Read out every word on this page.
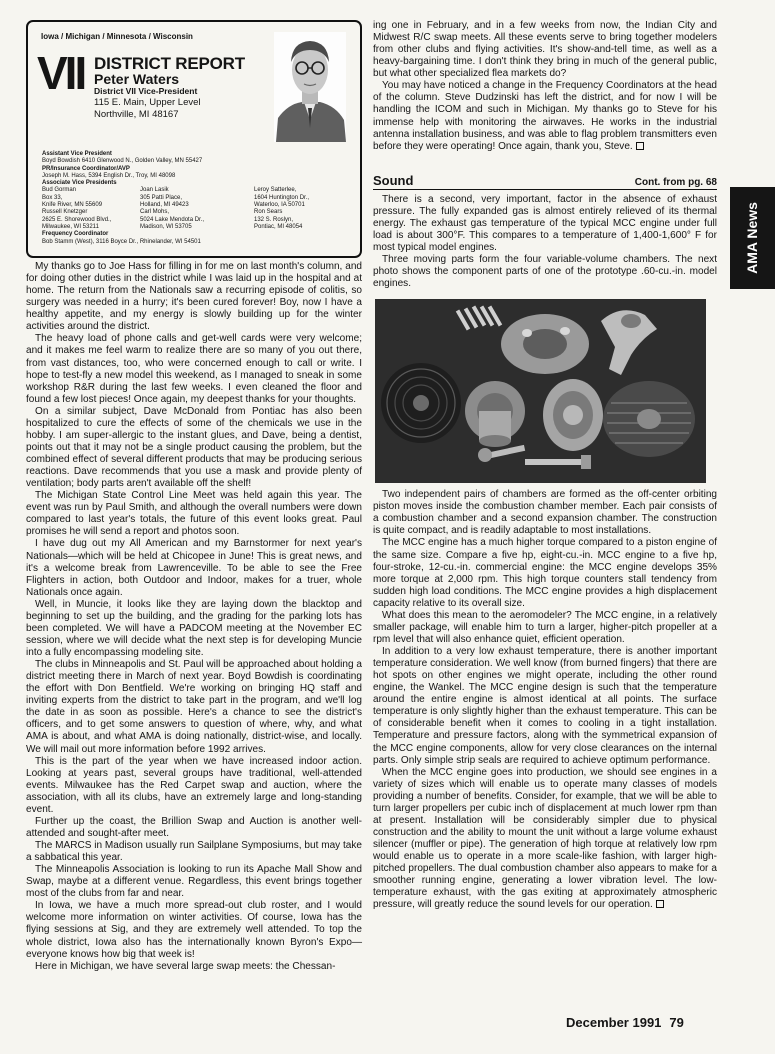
Iowa / Michigan / Minnesota / Wisconsin
VII DISTRICT REPORT
Peter Waters
District VII Vice-President
115 E. Main, Upper Level
Northville, MI 48167
Assistant Vice President
Boyd Bowdish 6410 Glenwood N., Golden Valley, MN 55427
PR/Insurance Coordinator/AVP
Joseph M. Hass, 5394 English Dr., Troy, MI 48098
Associate Vice Presidents
Bud Gorman
Box 33,
Knife River, MN 55609
Russell Knetzger
2625 E. Shorewood Blvd.,
Milwaukee, WI 53211
Joan Lasik
305 Patti Place,
Holland, MI 49423
Carl Mohs,
5024 Lake Mendota Dr.,
Madison, WI 53705
Leroy Satterlee,
1604 Huntington Dr.,
Waterloo, IA 50701
Ron Sears
132 S. Roslyn,
Pontiac, MI 48054
Frequency Coordinator
Bob Stamm (West), 3116 Boyce Dr., Rhinelander, WI 54501

My thanks go to Joe Hass for filling in for me on last month's column, and for doing other duties in the district while I was laid up in the hospital and at home. The return from the Nationals saw a recurring episode of colitis, so surgery was needed in a hurry; it's been cured forever! Boy, now I have a healthy appetite, and my energy is slowly building up for the winter activities around the district.

The heavy load of phone calls and get-well cards were very welcome; and it makes me feel warm to realize there are so many of you out there, from vast distances, too, who were concerned enough to call or write. I hope to test-fly a new model this weekend, as I managed to sneak in some workshop R&R during the last few weeks. I even cleaned the floor and found a few lost pieces! Once again, my deepest thanks for your thoughts.

On a similar subject, Dave McDonald from Pontiac has also been hospitalized to cure the effects of some of the chemicals we use in the hobby. I am super-allergic to the instant glues, and Dave, being a dentist, points out that it may not be a single product causing the problem, but the combined effect of several different products that may be producing serious reactions. Dave recommends that you use a mask and provide plenty of ventilation; body parts aren't available off the shelf!

The Michigan State Control Line Meet was held again this year. The event was run by Paul Smith, and although the overall numbers were down compared to last year's totals, the future of this event looks great. Paul promises he will send a report and photos soon.

I have dug out my All American and my Barnstormer for next year's Nationals—which will be held at Chicopee in June! This is great news, and it's a welcome break from Lawrenceville. To be able to see the Free Flighters in action, both Outdoor and Indoor, makes for a truer, whole Nationals once again.

Well, in Muncie, it looks like they are laying down the blacktop and beginning to set up the building, and the grading for the parking lots has been completed. We will have a PADCOM meeting at the November EC session, where we will decide what the next step is for developing Muncie into a fully encompassing modeling site.

The clubs in Minneapolis and St. Paul will be approached about holding a district meeting there in March of next year. Boyd Bowdish is coordinating the effort with Don Bentfield. We're working on bringing HQ staff and inviting experts from the district to take part in the program, and we'll log the date in as soon as possible. Here's a chance to see the district's officers, and to get some answers to question of where, why, and what AMA is about, and what AMA is doing nationally, district-wise, and locally. We will mail out more information before 1992 arrives.

This is the part of the year when we have increased indoor action. Looking at years past, several groups have traditional, well-attended events. Milwaukee has the Red Carpet swap and auction, where the association, with all its clubs, have an extremely large and long-standing event.

Further up the coast, the Brillion Swap and Auction is another well-attended and sought-after meet.

The MARCS in Madison usually run Sailplane Symposiums, but may take a sabbatical this year.

The Minneapolis Association is looking to run its Apache Mall Show and Swap, maybe at a different venue. Regardless, this event brings together most of the clubs from far and near.

In Iowa, we have a much more spread-out club roster, and I would welcome more information on winter activities. Of course, Iowa has the flying sessions at Sig, and they are extremely well attended. To top the whole district, Iowa also has the internationally known Byron's Expo—everyone knows how big that week is!

Here in Michigan, we have several large swap meets: the Chessan-

ing one in February, and in a few weeks from now, the Indian City and Midwest R/C swap meets. All these events serve to bring together modelers from other clubs and flying activities. It's show-and-tell time, as well as a heavy-bargaining time. I don't think they bring in much of the general public, but what other specialized flea markets do?

You may have noticed a change in the Frequency Coordinators at the head of the column. Steve Dudzinski has left the district, and for now I will be handling the ICOM and such in Michigan. My thanks go to Steve for his immense help with monitoring the airwaves. He works in the industrial antenna installation business, and was able to flag problem transmitters even before they were operating! Once again, thank you, Steve.

Sound	Cont. from pg. 68

There is a second, very important, factor in the absence of exhaust pressure. The fully expanded gas is almost entirely relieved of its thermal energy. The exhaust gas temperature of the typical MCC engine under full load is about 300°F. This compares to a temperature of 1,400-1,600° F for most typical model engines.

Three moving parts form the four variable-volume chambers. The next photo shows the component parts of one of the prototype .60-cu.-in. model engines.

Two independent pairs of chambers are formed as the off-center orbiting piston moves inside the combustion chamber member. Each pair consists of a combustion chamber and a second expansion chamber. The construction is quite compact, and is readily adaptable to most installations.

The MCC engine has a much higher torque compared to a piston engine of the same size. Compare a five hp, eight-cu.-in. MCC engine to a five hp, four-stroke, 12-cu.-in. commercial engine: the MCC engine develops 35% more torque at 2,000 rpm. This high torque counters stall tendency from sudden high load conditions. The MCC engine provides a high displacement capacity relative to its overall size.

What does this mean to the aeromodeler? The MCC engine, in a relatively smaller package, will enable him to turn a larger, higher-pitch propeller at a rpm level that will also enhance quiet, efficient operation.

In addition to a very low exhaust temperature, there is another important temperature consideration. We well know (from burned fingers) that there are hot spots on other engines we might operate, including the other round engine, the Wankel. The MCC engine design is such that the temperature around the entire engine is almost identical at all points. The surface temperature is only slightly higher than the exhaust temperature. This can be of considerable benefit when it comes to cooling in a tight installation. Temperature and pressure factors, along with the symmetrical expansion of the MCC engine components, allow for very close clearances on the internal parts. Only simple strip seals are required to achieve optimum performance.

When the MCC engine goes into production, we should see engines in a variety of sizes which will enable us to operate many classes of models providing a number of benefits. Consider, for example, that we will be able to turn larger propellers per cubic inch of displacement at much lower rpm than at present. Installation will be considerably simpler due to physical construction and the ability to mount the unit without a large volume exhaust silencer (muffler or pipe). The generation of high torque at relatively low rpm would enable us to operate in a more scale-like fashion, with larger high-pitched propellers. The dual combustion chamber also appears to make for a smoother running engine, generating a lower vibration level. The low-temperature exhaust, with the gas exiting at approximately atmospheric pressure, will greatly reduce the sound levels for our operation.

AMA News
December 1991 79
